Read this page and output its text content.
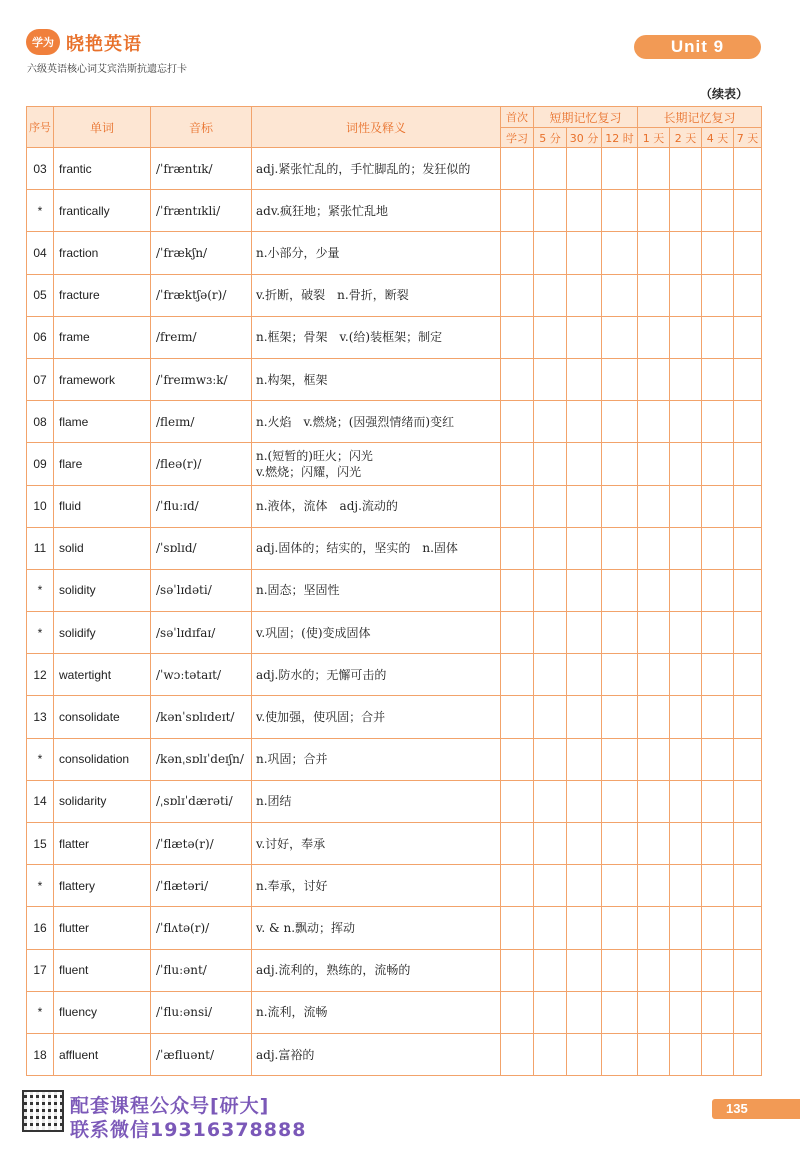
学为 晓艳英语
六级英语核心词艾宾浩斯抗遗忘打卡
Unit 9
（续表）
序号	单词	音标	词性及释义	首次	短期记忆复习			长期记忆复习			
				学习	5 分	30 分	12 时	1 天	2 天	4 天	7 天
03	frantic	/ˈfræntɪk/	adj.紧张忙乱的，手忙脚乱的；发狂似的								
*	frantically	/ˈfræntɪkli/	adv.疯狂地；紧张忙乱地								
04	fraction	/ˈfrækʃn/	n.小部分，少量								
05	fracture	/ˈfræktʃə(r)/	v.折断，破裂　n.骨折，断裂								
06	frame	/freɪm/	n.框架；骨架　v.(给)装框架；制定								
07	framework	/ˈfreɪmwɜːk/	n.构架，框架								
08	flame	/fleɪm/	n.火焰　v.燃烧；(因强烈情绪而)变红								
09	flare	/fleə(r)/	n.(短暂的)旺火；闪光
v.燃烧；闪耀，闪光								
10	fluid	/ˈfluːɪd/	n.液体，流体　adj.流动的								
11	solid	/ˈsɒlɪd/	adj.固体的；结实的，坚实的　n.固体								
*	solidity	/səˈlɪdəti/	n.固态；坚固性								
*	solidify	/səˈlɪdɪfaɪ/	v.巩固；(使)变成固体								
12	watertight	/ˈwɔːtətaɪt/	adj.防水的；无懈可击的								
13	consolidate	/kənˈsɒlɪdeɪt/	v.使加强，使巩固；合并								
*	consolidation	/kənˌsɒlɪˈdeɪʃn/	n.巩固；合并								
14	solidarity	/ˌsɒlɪˈdærəti/	n.团结								
15	flatter	/ˈflætə(r)/	v.讨好，奉承								
*	flattery	/ˈflætəri/	n.奉承，讨好								
16	flutter	/ˈflʌtə(r)/	v. & n.飘动；挥动								
17	fluent	/ˈfluːənt/	adj.流利的，熟练的，流畅的								
*	fluency	/ˈfluːənsi/	n.流利，流畅								
18	affluent	/ˈæfluənt/	adj.富裕的								
配套课程公众号[研大]
联系微信19316378888
135
